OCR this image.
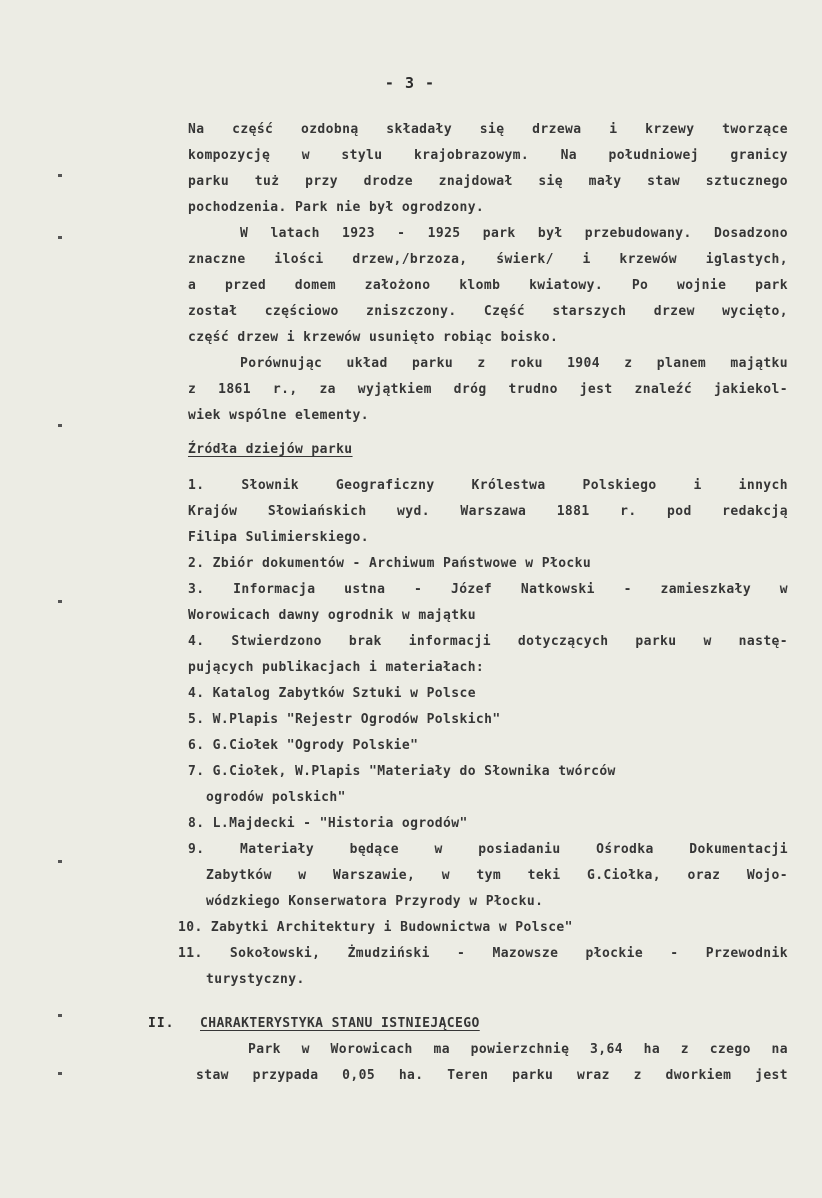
- 3 -
Na część ozdobną składały się drzewa i krzewy tworzące
kompozycję w stylu krajobrazowym. Na południowej granicy
parku tuż przy drodze znajdował się mały staw sztucznego
pochodzenia. Park nie był ogrodzony.
W latach 1923 - 1925 park był przebudowany. Dosadzono
znaczne ilości drzew,/brzoza, świerk/ i krzewów iglastych,
a przed domem założono klomb kwiatowy. Po wojnie park
został częściowo zniszczony. Część starszych drzew wycięto,
część drzew i krzewów usunięto robiąc boisko.
Porównując układ parku z roku 1904 z planem majątku
z 1861 r., za wyjątkiem dróg trudno jest znaleźć jakiekol-
wiek wspólne elementy.
Źródła dziejów parku
1. Słownik Geograficzny Królestwa Polskiego i innych
Krajów Słowiańskich wyd. Warszawa 1881 r. pod redakcją
Filipa Sulimierskiego.
2. Zbiór dokumentów - Archiwum Państwowe w Płocku
3. Informacja ustna - Józef Natkowski - zamieszkały w
Worowicach dawny ogrodnik w majątku
4. Stwierdzono brak informacji dotyczących parku w nastę-
pujących publikacjach i materiałach:
4. Katalog Zabytków Sztuki w Polsce
5. W.Plapis "Rejestr Ogrodów Polskich"
6. G.Ciołek "Ogrody Polskie"
7. G.Ciołek, W.Plapis "Materiały do Słownika twórców
ogrodów polskich"
8. L.Majdecki - "Historia ogrodów"
9. Materiały będące w posiadaniu Ośrodka Dokumentacji
Zabytków w Warszawie, w tym teki G.Ciołka, oraz Wojo-
wódzkiego Konserwatora Przyrody w Płocku.
10. Zabytki Architektury i Budownictwa w Polsce"
11. Sokołowski, Żmudziński - Mazowsze płockie - Przewodnik
turystyczny.
II. CHARAKTERYSTYKA STANU ISTNIEJĄCEGO
Park w Worowicach ma powierzchnię 3,64 ha z czego na
staw przypada 0,05 ha. Teren parku wraz z dworkiem jest
